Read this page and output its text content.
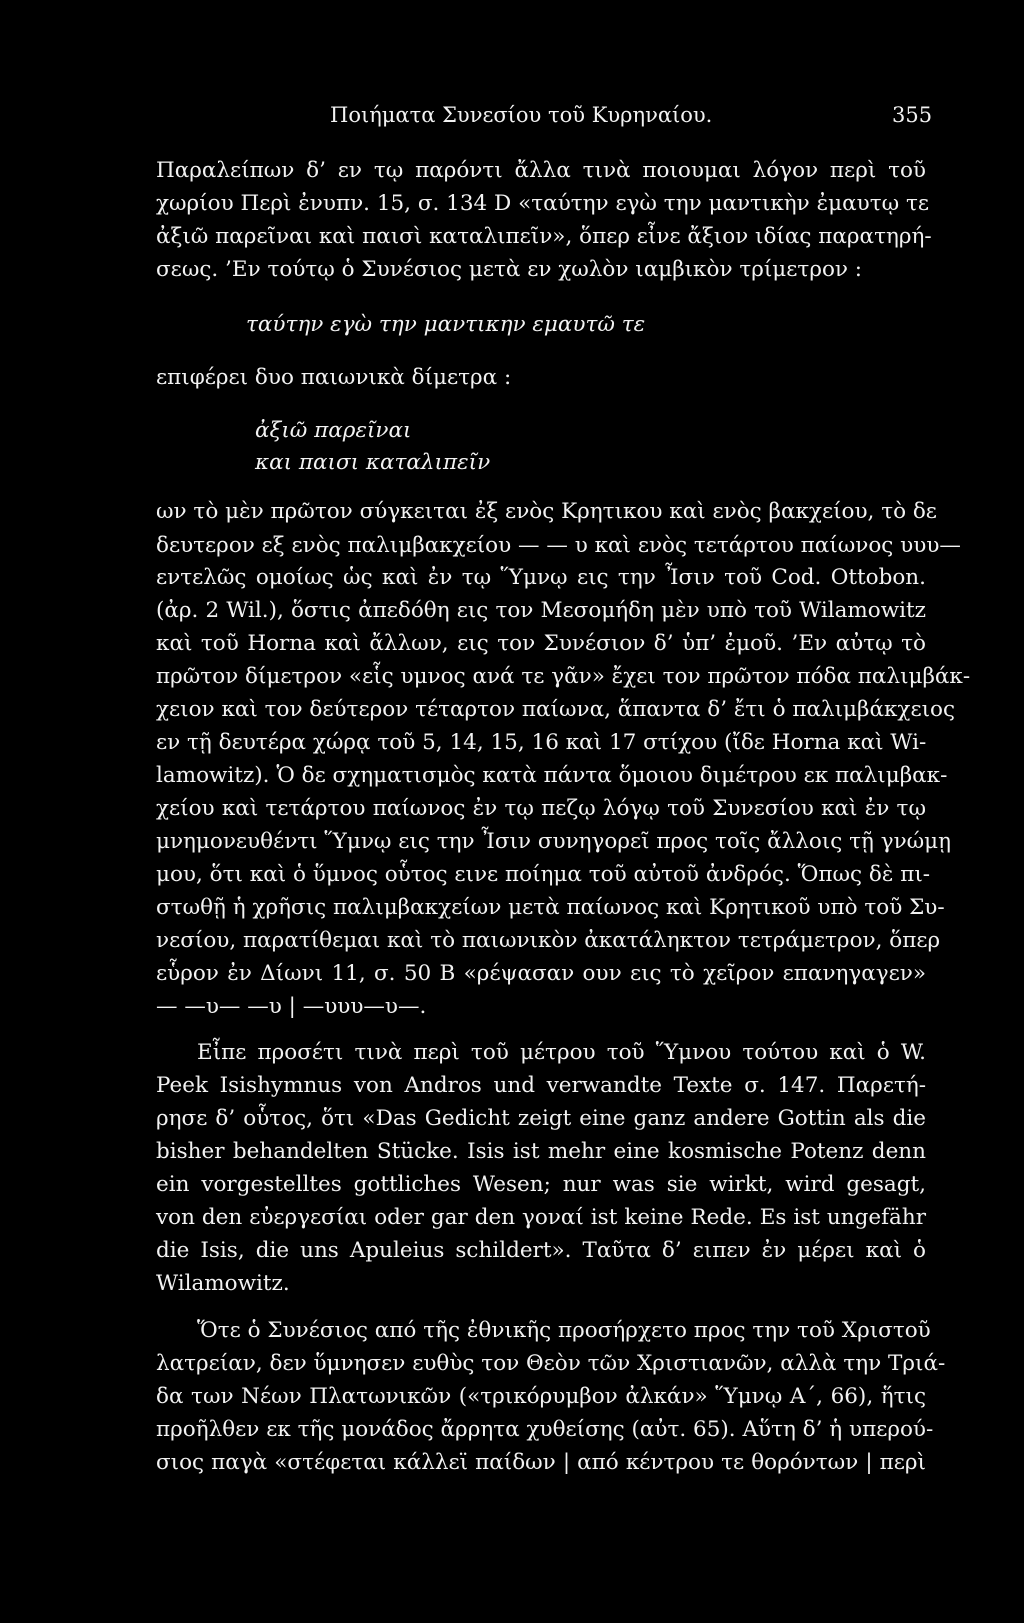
Ποιήματα Συνεσίου τοῦ Κυρηναίου.	355
Παραλείπων δ’ εν τῳ παρόντι ἄλλα τινὰ ποιουμαι λόγον περὶ τοῦ
χωρίου Περὶ ἐνυπν. 15, σ. 134 D «ταύτην εγὼ την μαντικὴν ἐμαυτῳ τε
ἀξιῶ παρεῖναι καὶ παισὶ καταλιπεῖν», ὅπερ εἶνε ἄξιον ιδίας παρατηρή-
σεως. ’Εν τούτῳ ὁ Συνέσιος μετὰ εν χωλὸν ιαμβικὸν τρίμετρον :
ταύτην εγὼ την μαντικην εμαυτῶ τε
επιφέρει δυο παιωνικὰ δίμετρα :
ἀξιῶ παρεῖναι
και παισι καταλιπεῖν
ων τὸ μὲν πρῶτον σύγκειται ἐξ ενὸς Κρητικου καὶ ενὸς βακχείου, τὸ δε
δευτερον εξ ενὸς παλιμβακχείου — — υ καὶ ενὸς τετάρτου παίωνος υυυ—
εντελῶς ομοίως ὡς καὶ ἐν τῳ Ὕμνῳ εις την Ἶσιν τοῦ Cod. Ottobon.
(ἀρ. 2 Wil.), ὅστις ἀπεδόθη εις τον Μεσομήδη μὲν υπὸ τοῦ Wilamowitz
καὶ τοῦ Horna καὶ ἄλλων, εις τον Συνέσιον δ’ ὑπ’ ἐμοῦ. ’Εν αὐτῳ τὸ
πρῶτον δίμετρον «εἷς υμνος ανά τε γᾶν» ἔχει τον πρῶτον πόδα παλιμβάκ-
χειον καὶ τον δεύτερον τέταρτον παίωνα, ἅπαντα δ’ ἔτι ὁ παλιμβάκχειος
εν τῇ δευτέρα χώρᾳ τοῦ 5, 14, 15, 16 καὶ 17 στίχου (ἴδε Horna καὶ Wi-
lamowitz). Ὁ δε σχηματισμὸς κατὰ πάντα ὅμοιου διμέτρου εκ παλιμβακ-
χείου καὶ τετάρτου παίωνος ἐν τῳ πεζῳ λόγῳ τοῦ Συνεσίου καὶ ἐν τῳ
μνημονευθέντι Ὕμνῳ εις την Ἶσιν συνηγορεῖ προς τοῖς ἄλλοις τῇ γνώμῃ
μου, ὅτι καὶ ὁ ὕμνος οὗτος εινε ποίημα τοῦ αὐτοῦ ἀνδρός. Ὅπως δὲ πι-
στωθῇ ἡ χρῆσις παλιμβακχείων μετὰ παίωνος καὶ Κρητικοῦ υπὸ τοῦ Συ-
νεσίου, παρατίθεμαι καὶ τὸ παιωνικὸν ἀκατάληκτον τετράμετρον, ὅπερ
εὗρον ἐν Δίωνι 11, σ. 50 Β «ρέψασαν ουν εις τὸ χεῖρον επανηγαγεν»
— —υ— —υ | —υυυ—υ—.
Εἶπε προσέτι τινὰ περὶ τοῦ μέτρου τοῦ Ὕμνου τούτου καὶ ὁ W.
Peek Isishymnus von Andros und verwandte Texte σ. 147. Παρετή-
ρησε δ’ οὗτος, ὅτι «Das Gedicht zeigt eine ganz andere Gottin als die
bisher behandelten Stücke. Isis ist mehr eine kosmische Potenz denn
ein vorgestelltes gottliches Wesen; nur was sie wirkt, wird gesagt,
von den εὐεργεσίαι oder gar den γοναί ist keine Rede. Es ist ungefähr
die Isis, die uns Apuleius schildert». Ταῦτα δ’ ειπεν ἐν μέρει καὶ ὁ
Wilamowitz.
Ὅτε ὁ Συνέσιος από τῆς ἐθνικῆς προσήρχετο προς την τοῦ Χριστοῦ
λατρείαν, δεν ὕμνησεν ευθὺς τον Θεὸν τῶν Χριστιανῶν, αλλὰ την Τριά-
δα των Νέων Πλατωνικῶν («τρικόρυμβον ἀλκάν» Ὕμνῳ Α΄, 66), ἥτις
προῆλθεν εκ τῆς μονάδος ἄρρητα χυθείσης (αὐτ. 65). Αὕτη δ’ ἡ υπερού-
σιος παγὰ «στέφεται κάλλεϊ παίδων | από κέντρου τε θορόντων | περὶ
